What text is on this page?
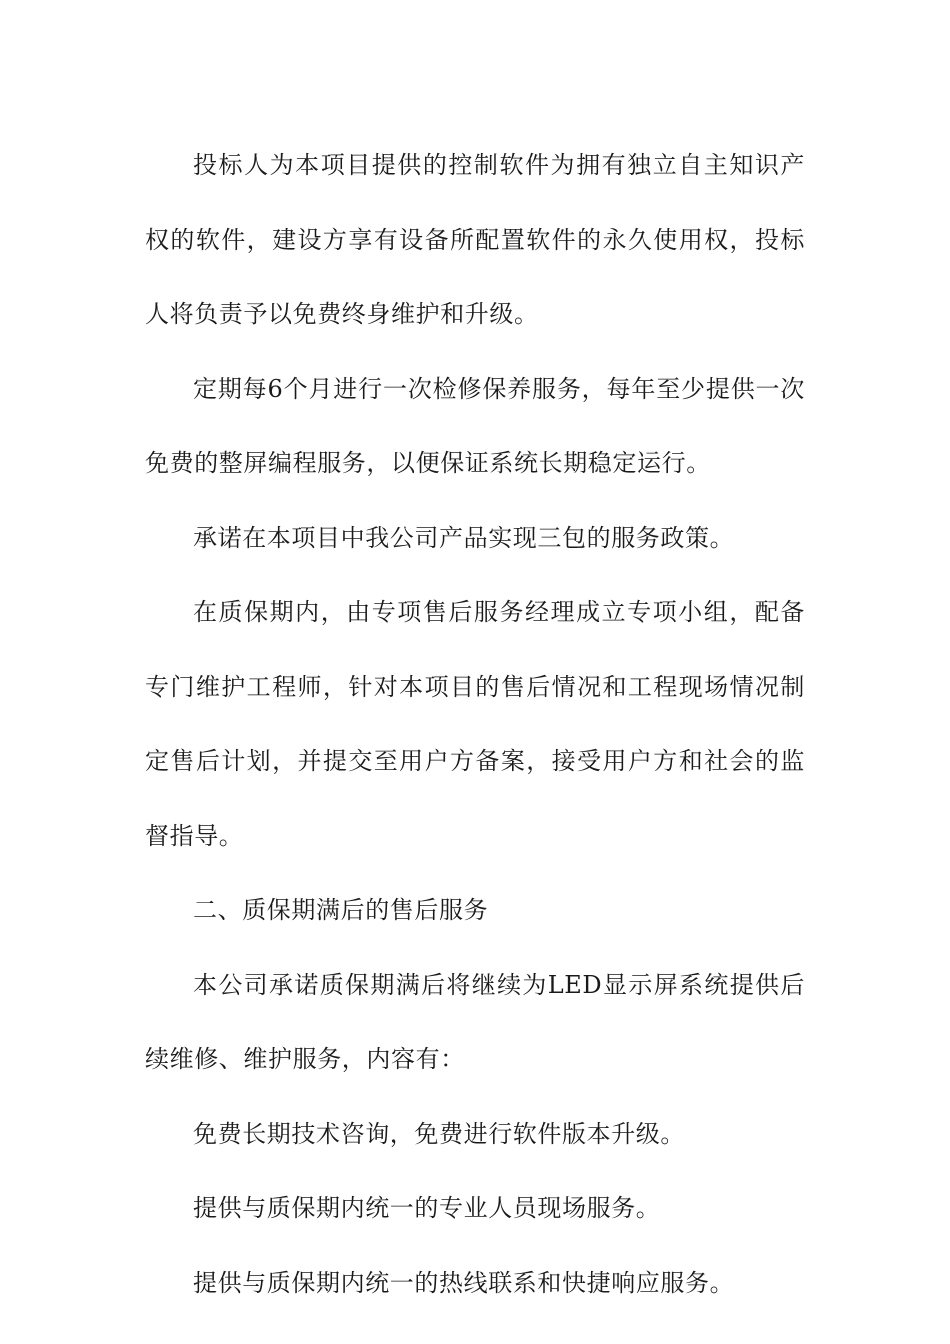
投标人为本项目提供的控制软件为拥有独立自主知识产权的软件，建设方享有设备所配置软件的永久使用权，投标人将负责予以免费终身维护和升级。

定期每6个月进行一次检修保养服务，每年至少提供一次免费的整屏编程服务，以便保证系统长期稳定运行。

承诺在本项目中我公司产品实现三包的服务政策。

在质保期内，由专项售后服务经理成立专项小组，配备专门维护工程师，针对本项目的售后情况和工程现场情况制定售后计划，并提交至用户方备案，接受用户方和社会的监督指导。

二、质保期满后的售后服务

本公司承诺质保期满后将继续为LED显示屏系统提供后续维修、维护服务，内容有：

免费长期技术咨询，免费进行软件版本升级。

提供与质保期内统一的专业人员现场服务。

提供与质保期内统一的热线联系和快捷响应服务。
